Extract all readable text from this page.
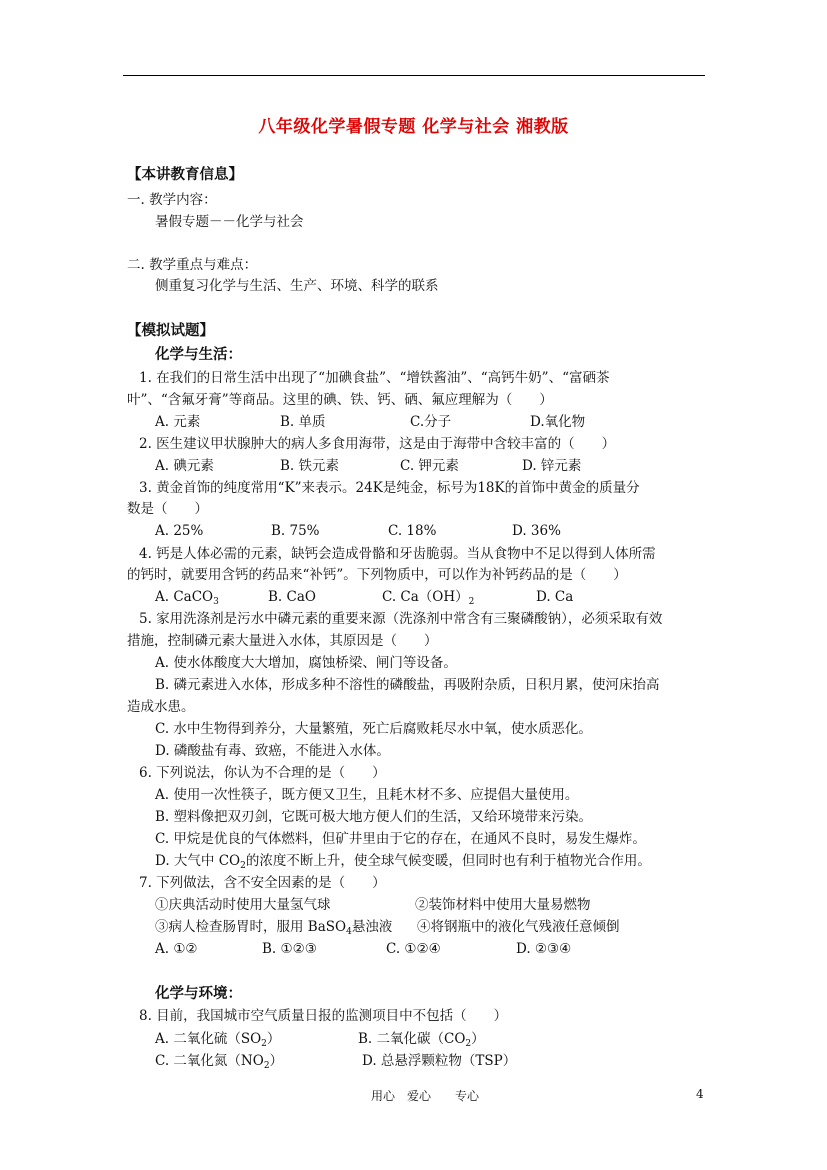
八年级化学暑假专题 化学与社会 湘教版
【本讲教育信息】
一. 教学内容：
暑假专题－－化学与社会
二. 教学重点与难点：
侧重复习化学与生活、生产、环境、科学的联系
【模拟试题】
化学与生活：
1. 在我们的日常生活中出现了“加碘食盐”、“增铁酱油”、“高钙牛奶”、“富硒茶
叶”、“含氟牙膏”等商品。这里的碘、铁、钙、硒、氟应理解为（　　）
A. 元素	B. 单质	C.分子	D.氧化物
2. 医生建议甲状腺肿大的病人多食用海带，这是由于海带中含较丰富的（　　）
A. 碘元素	B. 铁元素	C. 钾元素	D. 锌元素
3. 黄金首饰的纯度常用“K”来表示。24K是纯金，标号为18K的首饰中黄金的质量分
数是（　　）
A. 25%	B. 75%	C. 18%	D. 36%
4. 钙是人体必需的元素，缺钙会造成骨骼和牙齿脆弱。当从食物中不足以得到人体所需
的钙时，就要用含钙的药品来“补钙”。下列物质中，可以作为补钙药品的是（　　）
A. CaCO$_3$	B. CaO	C. $Ca(OH)_2$	D. Ca
5. 家用洗涤剂是污水中磷元素的重要来源（洗涤剂中常含有三聚磷酸钠），必须采取有效
措施，控制磷元素大量进入水体，其原因是（　　）
A. 使水体酸度大大增加，腐蚀桥梁、闸门等设备。
B. 磷元素进入水体，形成多种不溶性的磷酸盐，再吸附杂质，日积月累，使河床抬高
造成水患。
C. 水中生物得到养分，大量繁殖，死亡后腐败耗尽水中氧，使水质恶化。
D. 磷酸盐有毒、致癌，不能进入水体。
6. 下列说法，你认为不合理的是（　　）
A. 使用一次性筷子，既方便又卫生，且耗木材不多、应提倡大量使用。
B. 塑料像把双刃剑，它既可极大地方便人们的生活，又给环境带来污染。
C. 甲烷是优良的气体燃料，但矿井里由于它的存在，在通风不良时，易发生爆炸。
D. 大气中 $CO_2$的浓度不断上升，使全球气候变暖，但同时也有利于植物光合作用。
7. 下列做法，含不安全因素的是（　　）
①庆典活动时使用大量氢气球	②装饰材料中使用大量易燃物
③病人检查肠胃时，服用 BaSO$_4$悬浊液 ④将钢瓶中的液化气残液任意倾倒
A. ①②	B. ①②③	C. ①②④	D. ②③④
化学与环境：
8. 目前，我国城市空气质量日报的监测项目中不包括（　　）
A. 二氧化硫$(SO_2)$	B. 二氧化碳$(CO_2)$
C. 二氧化氮$(NO_2)$	D. 总悬浮颗粒物（TSP）
用心　爱心　　专心	4
